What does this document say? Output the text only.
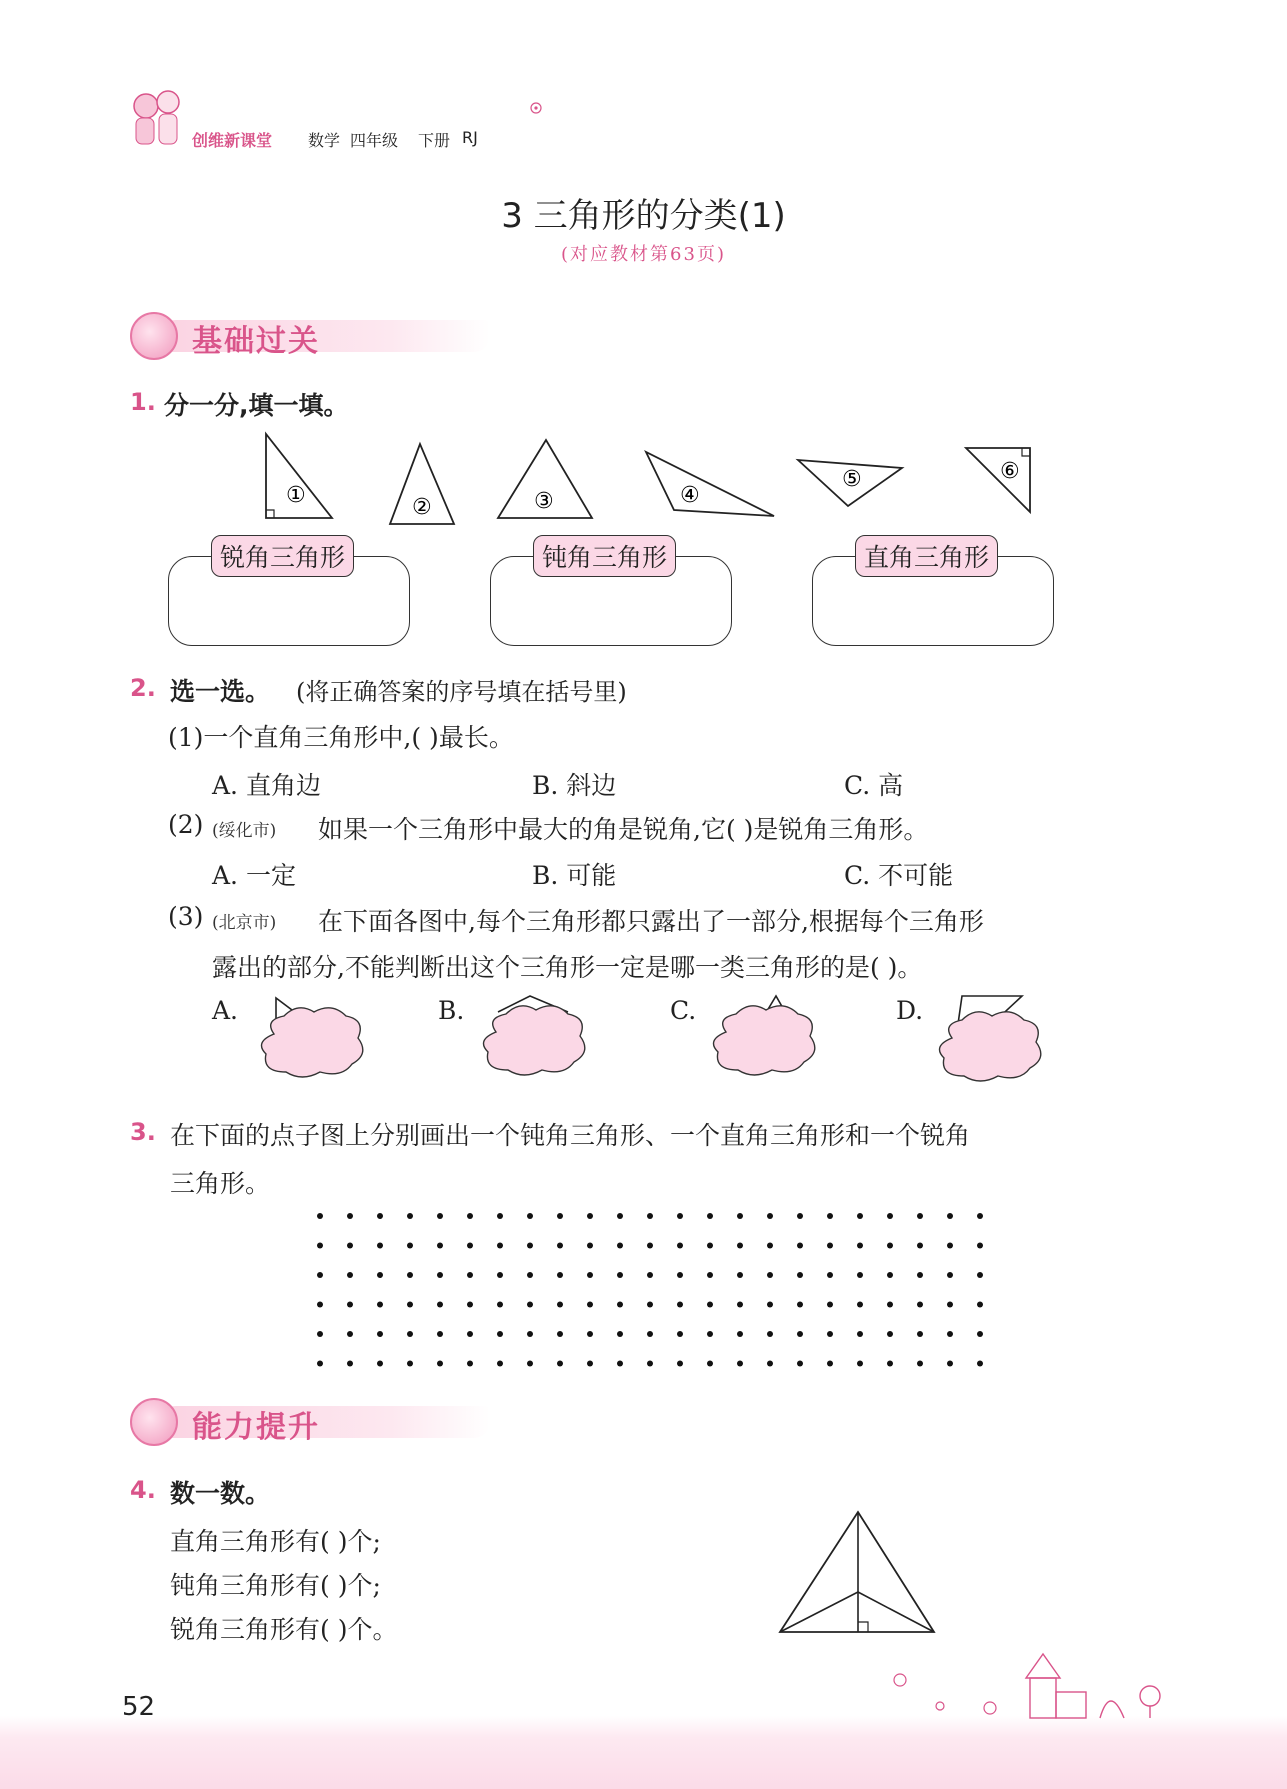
创维新课堂 数学 四年级 下册 RJ
3 三角形的分类(1)
(对应教材第63页)
基础过关
1. 分一分,填一填。
①	②	③	④
⑤	⑥
锐角三角形	钝角三角形	直角三角形
2. 选一选。 (将正确答案的序号填在括号里)
(1)一个直角三角形中,( )最长。
A. 直角边	B. 斜边	C. 高
(2) (绥化市) 如果一个三角形中最大的角是锐角,它( )是锐角三角形。
A. 一定	B. 可能	C. 不可能
(3) (北京市) 在下面各图中,每个三角形都只露出了一部分,根据每个三角形
露出的部分,不能判断出这个三角形一定是哪一类三角形的是( )。
A.	B.	C.	D.
3. 在下面的点子图上分别画出一个钝角三角形、一个直角三角形和一个锐角
三角形。
能力提升
4. 数一数。
直角三角形有( )个;
钝角三角形有( )个;
锐角三角形有( )个。
52
